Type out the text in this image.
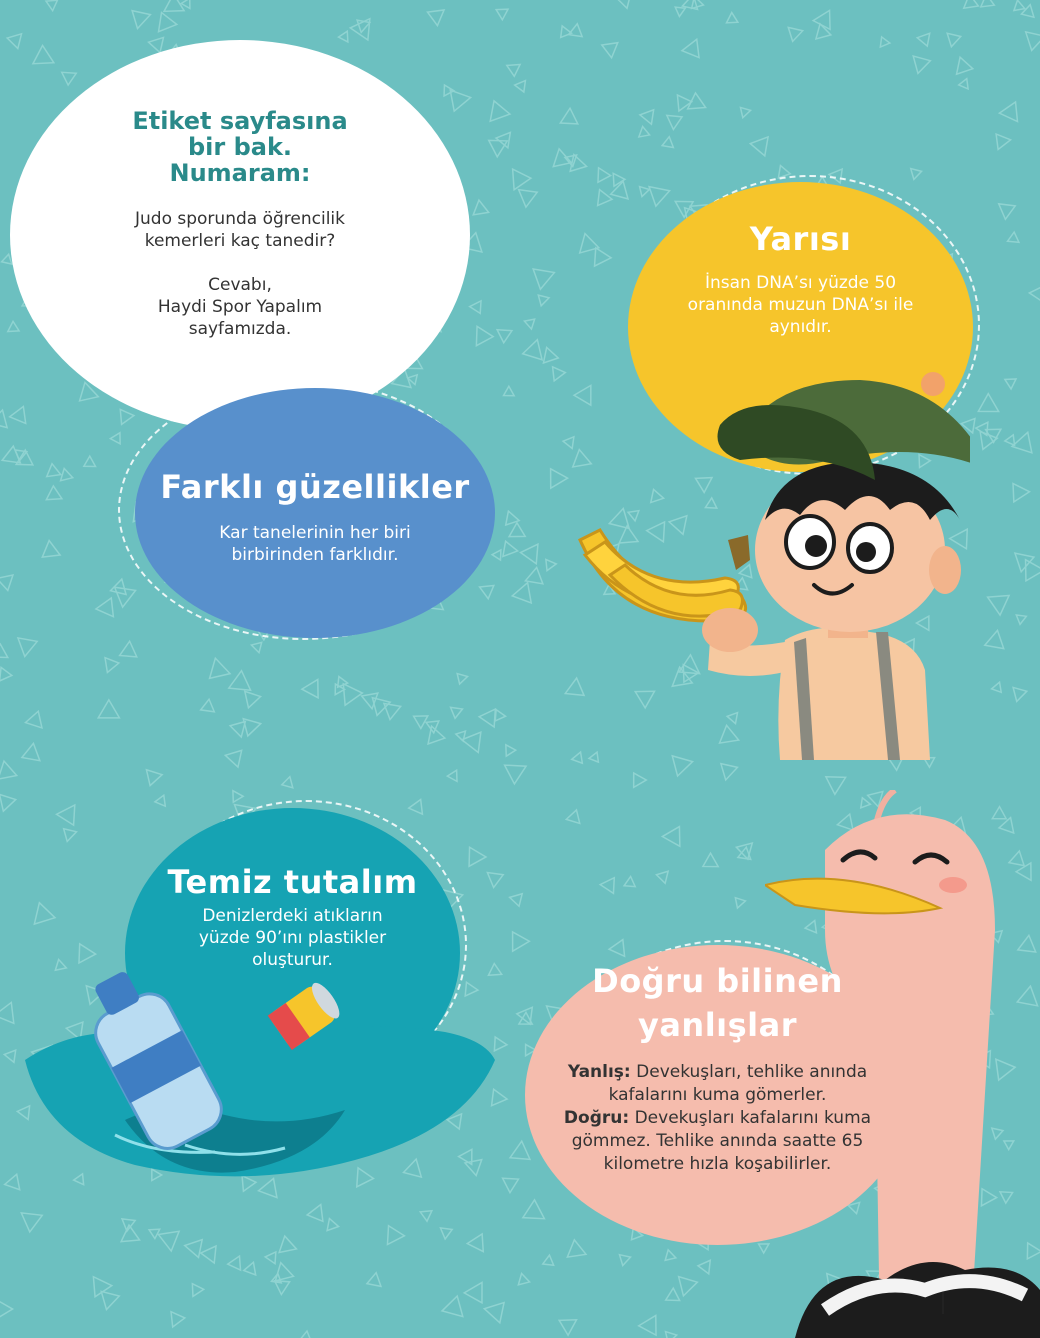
Etiket sayfasına
bir bak.
Numaram:
Judo sporunda öğrencilik kemerleri kaç tanedir?
Cevabı,
Haydi Spor Yapalım
sayfamızda.
Farklı güzellikler
Kar tanelerinin her biri birbirinden farklıdır.
Yarısı
İnsan DNA’sı yüzde 50 oranında muzun DNA’sı ile aynıdır.
Temiz tutalım
Denizlerdeki atıkların yüzde 90’ını plastikler oluşturur.
Doğru bilinen
yanlışlar
Yanlış: Devekuşları, tehlike anında kafalarını kuma gömerler.
Doğru: Devekuşları kafalarını kuma gömmez. Tehlike anında saatte 65 kilometre hızla koşabilirler.
